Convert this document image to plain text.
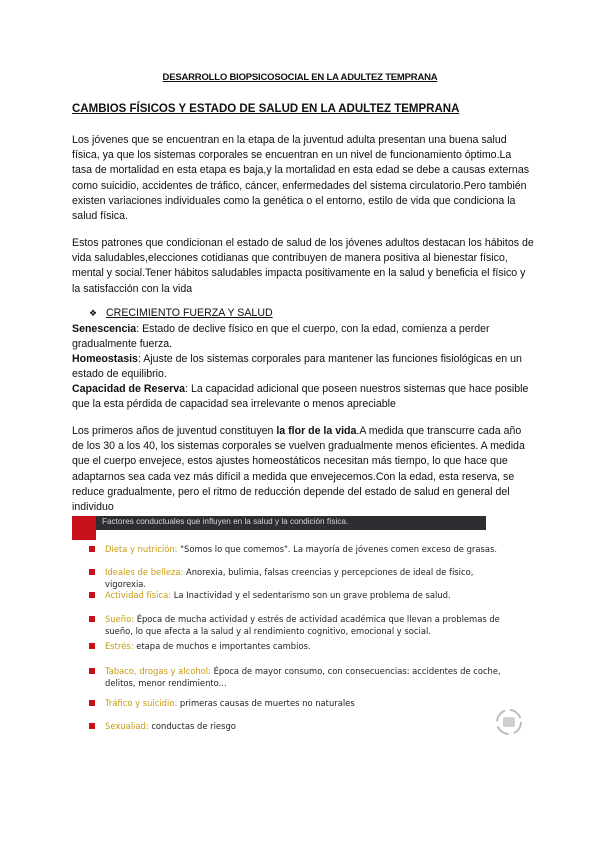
DESARROLLO BIOPSICOSOCIAL EN LA ADULTEZ TEMPRANA
CAMBIOS FÍSICOS Y ESTADO DE SALUD EN LA ADULTEZ TEMPRANA

Los jóvenes que se encuentran en la etapa de la juventud adulta presentan una buena salud física, ya que los sistemas corporales se encuentran en un nivel de funcionamiento óptimo.La tasa de mortalidad en esta etapa es baja,y la mortalidad en esta edad se debe a causas externas como suicidio, accidentes de tráfico, cáncer, enfermedades del sistema circulatorio.Pero también existen variaciones individuales como la genética o el entorno, estilo de vida que condiciona la salud física.

Estos patrones que condicionan el estado de salud de los jóvenes adultos destacan los hábitos de vida saludables,elecciones cotidianas que contribuyen de manera positiva al bienestar físico, mental y social.Tener hábitos saludables impacta positivamente en la salud y beneficia el físico y la satisfacción con la vida

❖ CRECIMIENTO FUERZA Y SALUD

Senescencia: Estado de declive físico en que el cuerpo, con la edad, comienza a perder gradualmente fuerza.

Homeostasis: Ajuste de los sistemas corporales para mantener las funciones fisiológicas en un estado de equilibrio.

Capacidad de Reserva: La capacidad adicional que poseen nuestros sistemas que hace posible que la esta pérdida de capacidad sea irrelevante o menos apreciable

Los primeros años de juventud constituyen la flor de la vida.A medida que transcurre cada año de los 30 a los 40, los sistemas corporales se vuelven gradualmente menos eficientes. A medida que el cuerpo envejece, estos ajustes homeostáticos necesitan más tiempo, lo que hace que adaptarnos sea cada vez más difícil a medida que envejecemos.Con la edad, esta reserva, se reduce gradualmente, pero el ritmo de reducción depende del estado de salud en general del individuo

Factores conductuales que influyen en la salud y la condición física.
Dieta y nutrición: "Somos lo que comemos". La mayoría de jóvenes comen exceso de grasas.
Ideales de belleza: Anorexia, bulimia, falsas creencias y percepciones de ideal de físico, vigorexia.
Actividad física: La Inactividad y el sedentarismo son un grave problema de salud.
Sueño: Época de mucha actividad y estrés de actividad académica que llevan a problemas de sueño, lo que afecta a la salud y al rendimiento cognitivo, emocional y social.
Estrés: etapa de muchos e importantes cambios.
Tabaco, drogas y alcohol: Época de mayor consumo, con consecuencias: accidentes de coche, delitos, menor rendimiento...
Tráfico y suicidio: primeras causas de muertes no naturales
Sexualiad: conductas de riesgo
